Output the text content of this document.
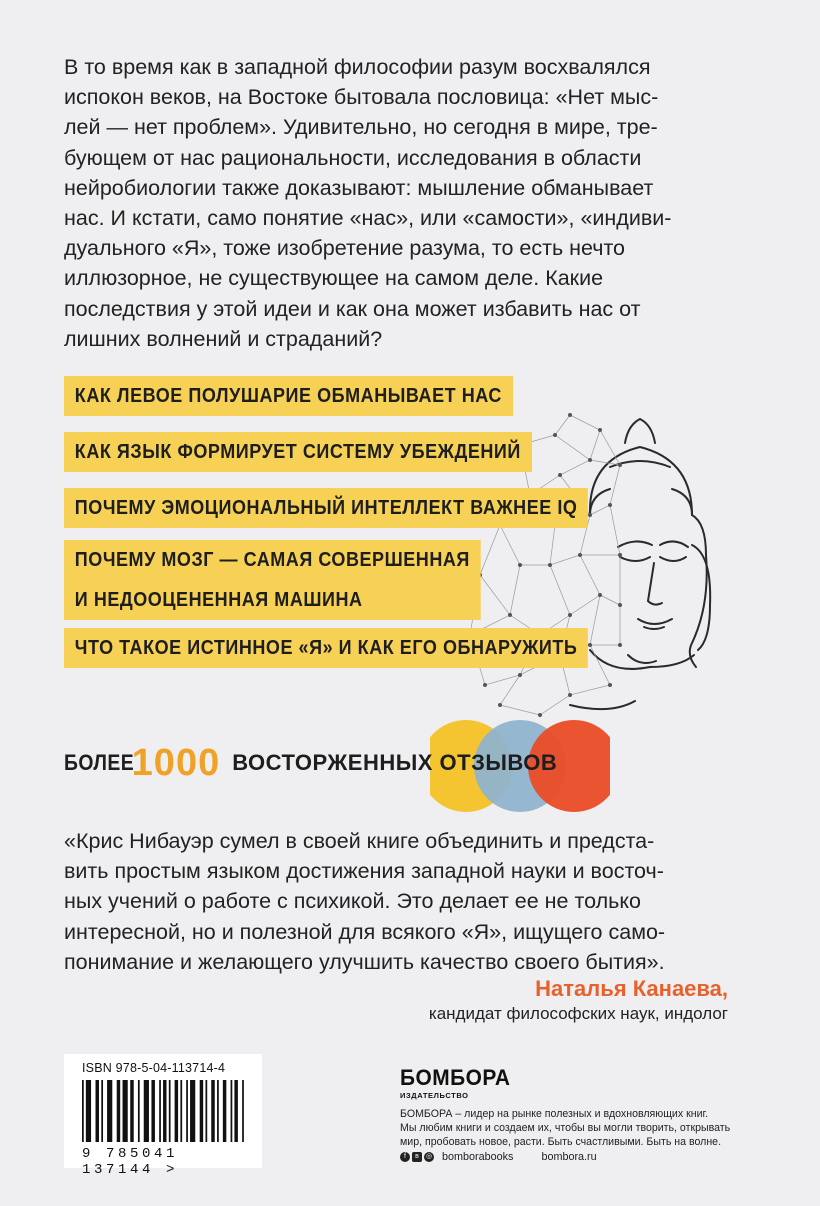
В то время как в западной философии разум восхвалялся
испокон веков, на Востоке бытовала пословица: «Нет мыс-
лей — нет проблем». Удивительно, но сегодня в мире, тре-
бующем от нас рациональности, исследования в области
нейробиологии также доказывают: мышление обманывает
нас. И кстати, само понятие «нас», или «самости», «индиви-
дуального «Я», тоже изобретение разума, то есть нечто
иллюзорное, не существующее на самом деле. Какие
последствия у этой идеи и как она может избавить нас от
лишних волнений и страданий?

КАК ЛЕВОЕ ПОЛУШАРИЕ ОБМАНЫВАЕТ НАС
КАК ЯЗЫК ФОРМИРУЕТ СИСТЕМУ УБЕЖДЕНИЙ
ПОЧЕМУ ЭМОЦИОНАЛЬНЫЙ ИНТЕЛЛЕКТ ВАЖНЕЕ IQ
ПОЧЕМУ МОЗГ — САМАЯ СОВЕРШЕННАЯ
И НЕДООЦЕНЕННАЯ МАШИНА
ЧТО ТАКОЕ ИСТИННОЕ «Я» И КАК ЕГО ОБНАРУЖИТЬ
БОЛЕЕ
1000 ВОСТОРЖЕННЫХ ОТЗЫВОВ

«Крис Нибауэр сумел в своей книге объединить и предста-
вить простым языком достижения западной науки и восточ-
ных учений о работе с психикой. Это делает ее не только
интересной, но и полезной для всякого «Я», ищущего само-
понимание и желающего улучшить качество своего бытия».

Наталья Канаева,
кандидат философских наук, индолог
ISBN 978-5-04-113714-4
9 785041 137144 >
БОМБОРА
ИЗДАТЕЛЬСТВО

БОМБОРА – лидер на рынке полезных и вдохновляющих книг.
Мы любим книги и создаем их, чтобы вы могли творить, открывать
мир, пробовать новое, расти. Быть счастливыми. Быть на волне.

f	в	◎ bomborabooks	bombora.ru
